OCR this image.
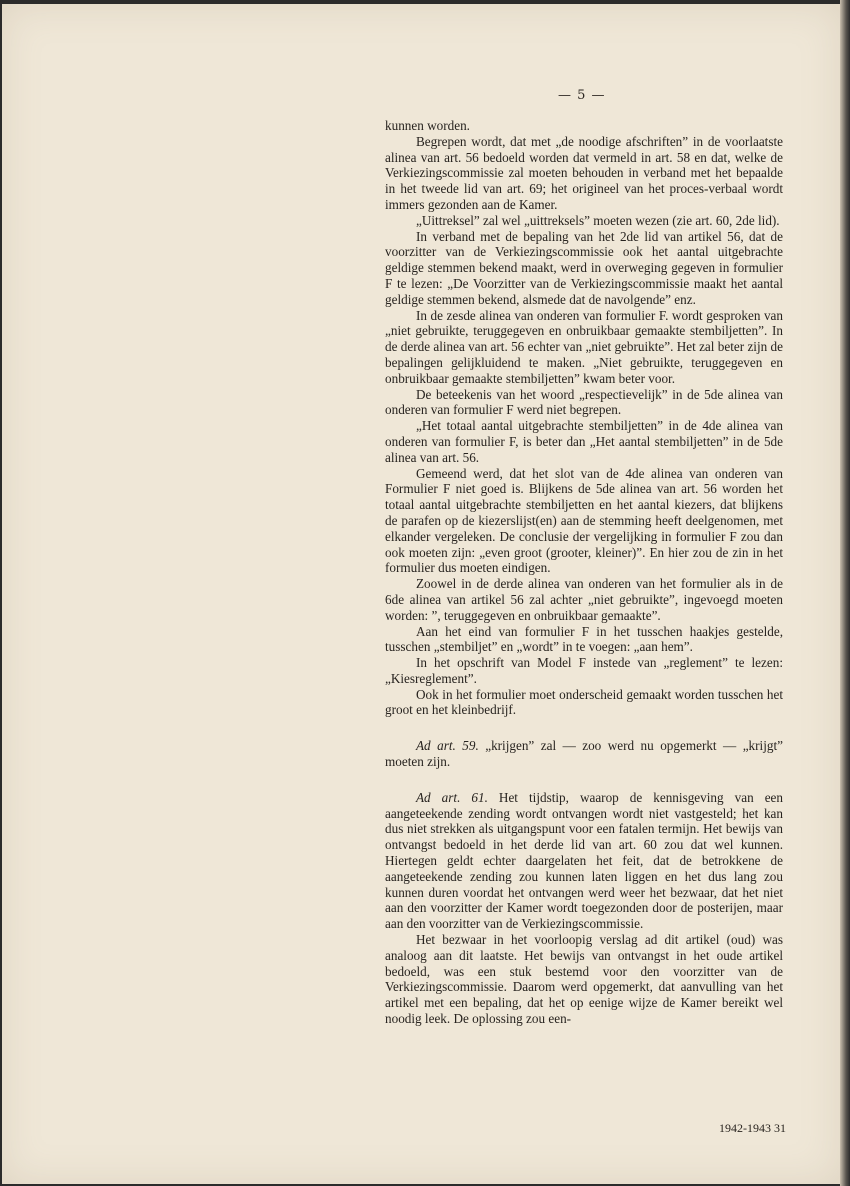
— 5 —

kunnen worden.

Begrepen wordt, dat met „de noodige afschriften” in de voorlaatste alinea van art. 56 bedoeld worden dat vermeld in art. 58 en dat, welke de Verkiezingscommissie zal moeten behouden in verband met het bepaalde in het tweede lid van art. 69; het origineel van het proces-verbaal wordt immers gezonden aan de Kamer.

„Uittreksel” zal wel „uittreksels” moeten wezen (zie art. 60, 2de lid).

In verband met de bepaling van het 2de lid van artikel 56, dat de voorzitter van de Verkiezingscommissie ook het aantal uitgebrachte geldige stemmen bekend maakt, werd in overweging gegeven in formulier F te lezen: „De Voorzitter van de Verkiezingscommissie maakt het aantal geldige stemmen bekend, alsmede dat de navolgende” enz.

In de zesde alinea van onderen van formulier F. wordt gesproken van „niet gebruikte, teruggegeven en onbruikbaar gemaakte stembiljetten”. In de derde alinea van art. 56 echter van „niet gebruikte”. Het zal beter zijn de bepalingen gelijkluidend te maken. „Niet gebruikte, teruggegeven en onbruikbaar gemaakte stembiljetten” kwam beter voor.

De beteekenis van het woord „respectievelijk” in de 5de alinea van onderen van formulier F werd niet begrepen.

„Het totaal aantal uitgebrachte stembiljetten” in de 4de alinea van onderen van formulier F, is beter dan „Het aantal stembiljetten” in de 5de alinea van art. 56.

Gemeend werd, dat het slot van de 4de alinea van onderen van Formulier F niet goed is. Blijkens de 5de alinea van art. 56 worden het totaal aantal uitgebrachte stembiljetten en het aantal kiezers, dat blijkens de parafen op de kiezerslijst(en) aan de stemming heeft deelgenomen, met elkander vergeleken. De conclusie der vergelijking in formulier F zou dan ook moeten zijn: „even groot (grooter, kleiner)”. En hier zou de zin in het formulier dus moeten eindigen.

Zoowel in de derde alinea van onderen van het formulier als in de 6de alinea van artikel 56 zal achter „niet gebruikte”, ingevoegd moeten worden: ”, teruggegeven en onbruikbaar gemaakte”.

Aan het eind van formulier F in het tusschen haakjes gestelde, tusschen „stembiljet” en „wordt” in te voegen: „aan hem”.

In het opschrift van Model F instede van „reglement” te lezen: „Kiesreglement”.

Ook in het formulier moet onderscheid gemaakt worden tusschen het groot en het kleinbedrijf.

Ad art. 59. „krijgen” zal — zoo werd nu opgemerkt — „krijgt” moeten zijn.

Ad art. 61. Het tijdstip, waarop de kennisgeving van een aangeteekende zending wordt ontvangen wordt niet vastgesteld; het kan dus niet strekken als uitgangspunt voor een fatalen termijn. Het bewijs van ontvangst bedoeld in het derde lid van art. 60 zou dat wel kunnen. Hiertegen geldt echter daargelaten het feit, dat de betrokkene de aangeteekende zending zou kunnen laten liggen en het dus lang zou kunnen duren voordat het ontvangen werd weer het bezwaar, dat het niet aan den voorzitter der Kamer wordt toegezonden door de posterijen, maar aan den voorzitter van de Verkiezingscommissie.

Het bezwaar in het voorloopig verslag ad dit artikel (oud) was analoog aan dit laatste. Het bewijs van ontvangst in het oude artikel bedoeld, was een stuk bestemd voor den voorzitter van de Verkiezingscommissie. Daarom werd opgemerkt, dat aanvulling van het artikel met een bepaling, dat het op eenige wijze de Kamer bereikt wel noodig leek. De oplossing zou een-

1942-1943 31
